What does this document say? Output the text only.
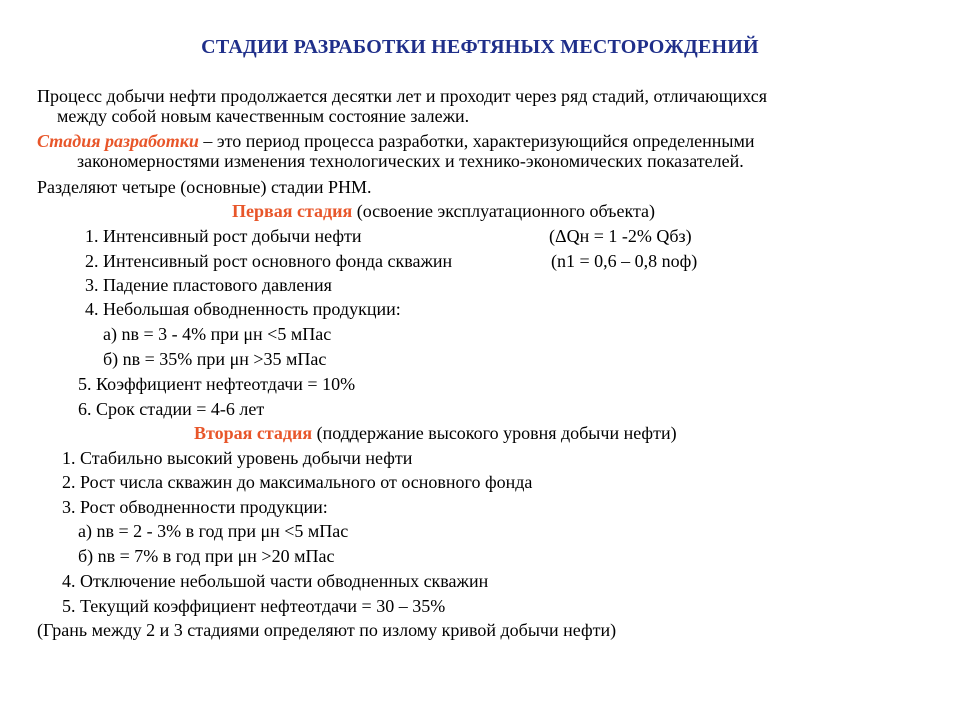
СТАДИИ РАЗРАБОТКИ НЕФТЯНЫХ МЕСТОРОЖДЕНИЙ
Процесс добычи нефти продолжается десятки лет и проходит через ряд стадий, отличающихся
между собой новым качественным состояние залежи.
Стадия разработки – это период процесса разработки, характеризующийся определенными
закономерностями изменения технологических и технико-экономических показателей.
Разделяют четыре (основные) стадии РНМ.
Первая стадия (освоение эксплуатационного объекта)
1. Интенсивный рост добычи нефти	(ΔQн = 1 -2% Qбз)
2. Интенсивный рост основного фонда скважин	(n1 = 0,6 – 0,8 nоф)
3. Падение пластового давления
4. Небольшая обводненность продукции:
а) nв = 3 - 4% при μн <5 мПас
б) nв = 35% при μн >35 мПас
5. Коэффициент нефтеотдачи = 10%
6. Срок стадии = 4-6 лет
Вторая стадия (поддержание высокого уровня добычи нефти)
1. Стабильно высокий уровень добычи нефти
2. Рост числа скважин до максимального от основного фонда
3. Рост обводненности продукции:
а) nв = 2 - 3% в год при μн <5 мПас
б) nв = 7% в год при μн >20 мПас
4. Отключение небольшой части обводненных скважин
5. Текущий коэффициент нефтеотдачи = 30 – 35%
(Грань между 2 и 3 стадиями определяют по излому кривой добычи нефти)
